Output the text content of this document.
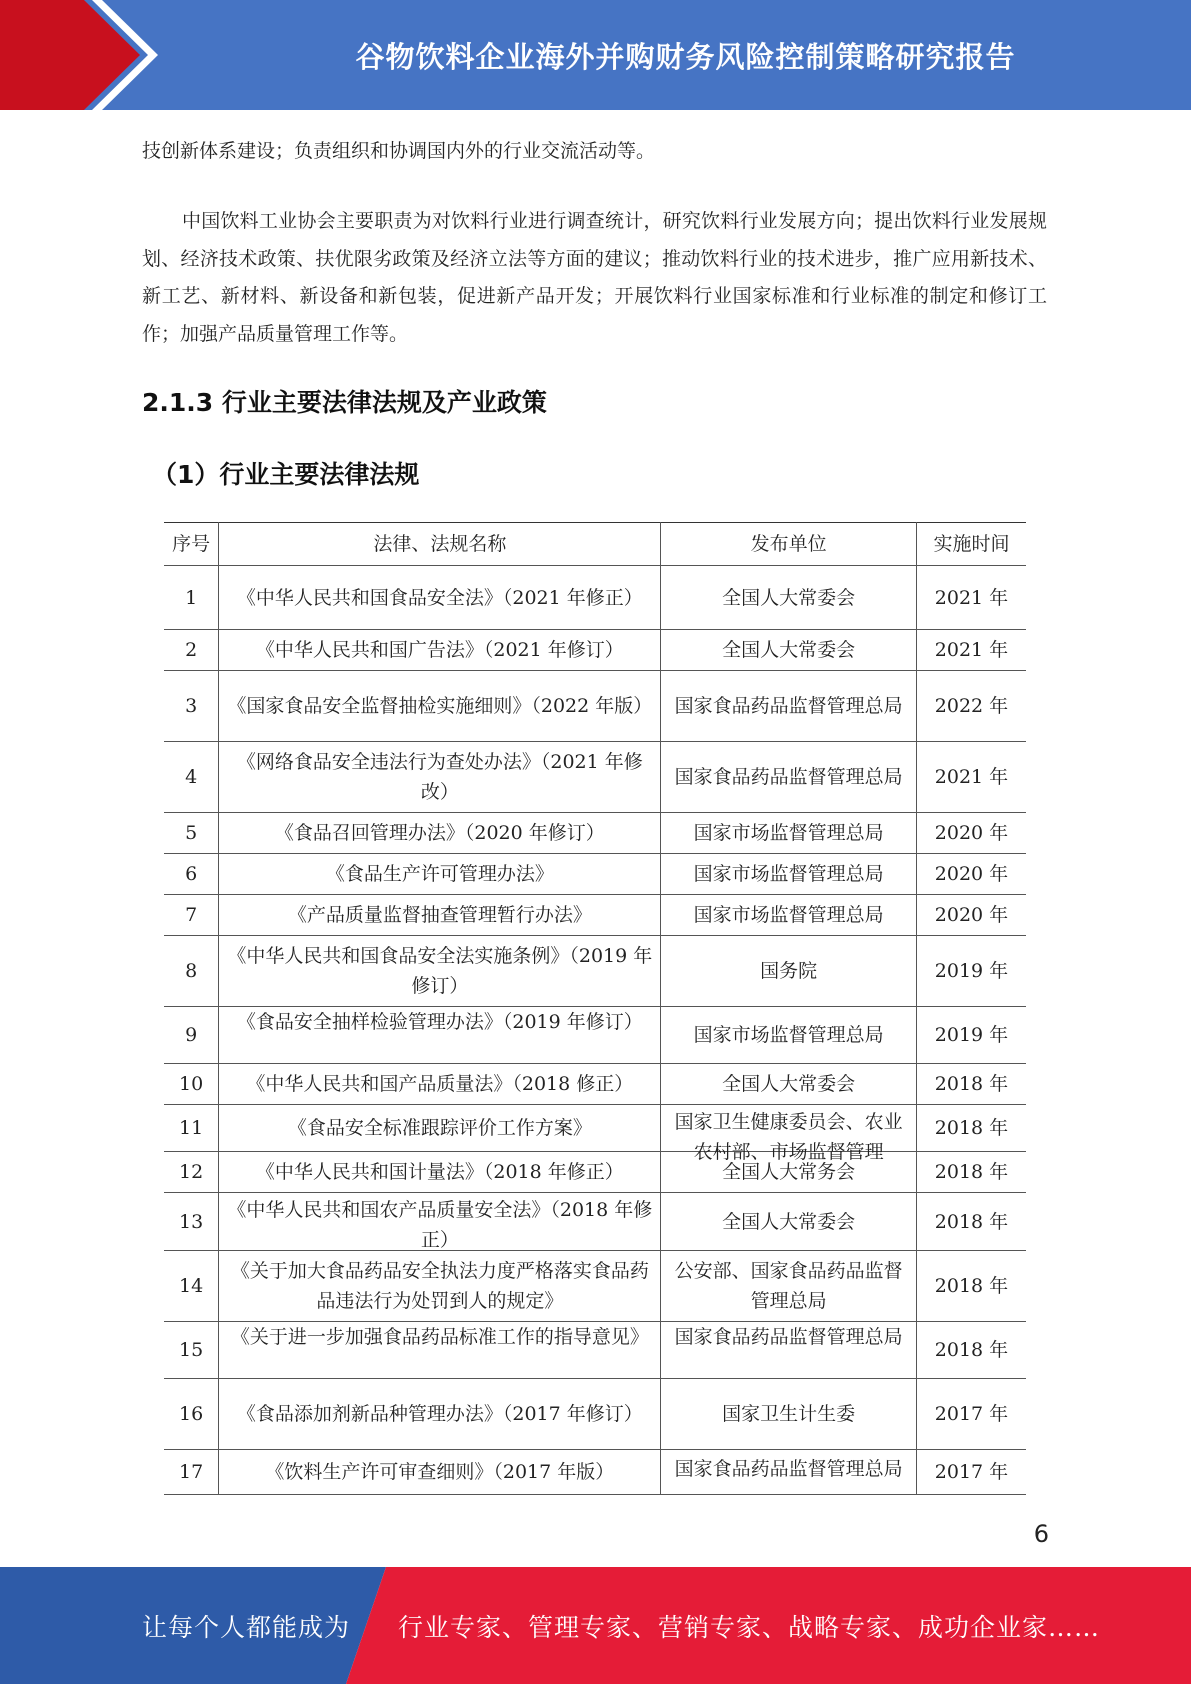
谷物饮料企业海外并购财务风险控制策略研究报告

技创新体系建设；负责组织和协调国内外的行业交流活动等。

中国饮料工业协会主要职责为对饮料行业进行调查统计，研究饮料行业发展方向；提出饮料行业发展规划、经济技术政策、扶优限劣政策及经济立法等方面的建议；推动饮料行业的技术进步，推广应用新技术、新工艺、新材料、新设备和新包装，促进新产品开发；开展饮料行业国家标准和行业标准的制定和修订工作；加强产品质量管理工作等。

2.1.3 行业主要法律法规及产业政策
（1）行业主要法律法规
序号	法律、法规名称	发布单位	实施时间
1	《中华人民共和国食品安全法》（2021 年修正）	全国人大常委会	2021 年
2	《中华人民共和国广告法》（2021 年修订）	全国人大常委会	2021 年
3	《国家食品安全监督抽检实施细则》（2022 年版）	国家食品药品监督管理总局	2022 年
4	《网络食品安全违法行为查处办法》（2021 年修改）	国家食品药品监督管理总局	2021 年
5	《食品召回管理办法》（2020 年修订）	国家市场监督管理总局	2020 年
6	《食品生产许可管理办法》	国家市场监督管理总局	2020 年
7	《产品质量监督抽查管理暂行办法》	国家市场监督管理总局	2020 年
8	《中华人民共和国食品安全法实施条例》（2019 年修订）	国务院	2019 年
9	《食品安全抽样检验管理办法》（2019 年修订）	国家市场监督管理总局	2019 年
10	《中华人民共和国产品质量法》（2018 修正）	全国人大常委会	2018 年
11	《食品安全标准跟踪评价工作方案》	国家卫生健康委员会、农业农村部、市场监督管理	2018 年
12	《中华人民共和国计量法》（2018 年修正）	全国人大常务会	2018 年
13	《中华人民共和国农产品质量安全法》（2018 年修正）	全国人大常委会	2018 年
14	《关于加大食品药品安全执法力度严格落实食品药品违法行为处罚到人的规定》	公安部、国家食品药品监督管理总局	2018 年
15	《关于进一步加强食品药品标准工作的指导意见》	国家食品药品监督管理总局	2018 年
16	《食品添加剂新品种管理办法》（2017 年修订）	国家卫生计生委	2017 年
17	《饮料生产许可审查细则》（2017 年版）	国家食品药品监督管理总局	2017 年
6
让每个人都能成为 行业专家、管理专家、营销专家、战略专家、成功企业家……
